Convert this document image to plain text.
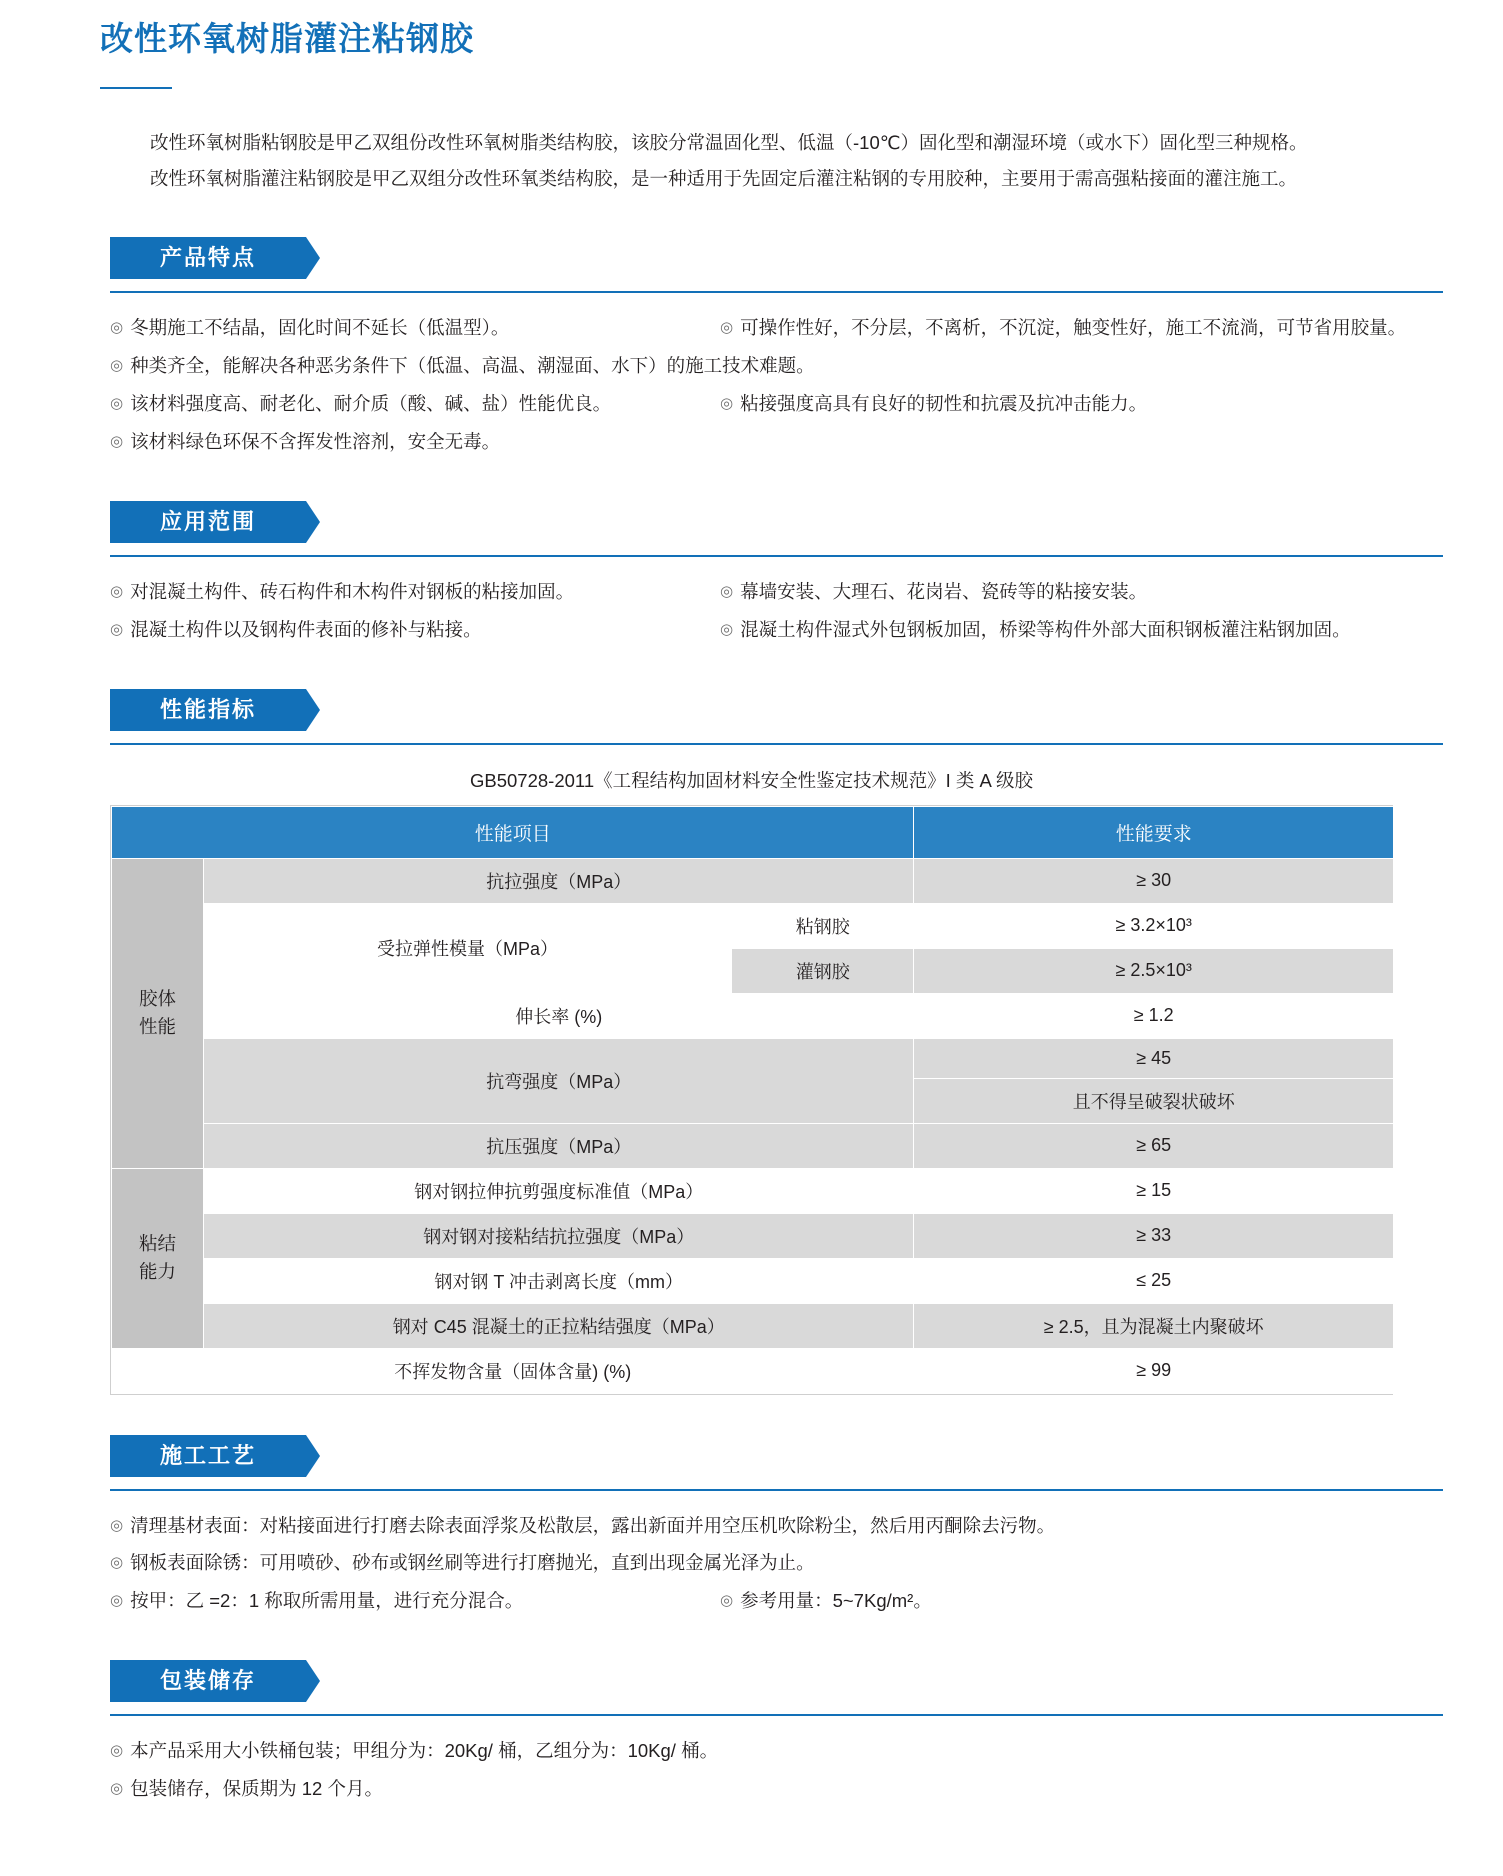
改性环氧树脂灌注粘钢胶

改性环氧树脂粘钢胶是甲乙双组份改性环氧树脂类结构胶，该胶分常温固化型、低温（-10℃）固化型和潮湿环境（或水下）固化型三种规格。

改性环氧树脂灌注粘钢胶是甲乙双组分改性环氧类结构胶，是一种适用于先固定后灌注粘钢的专用胶种，主要用于需高强粘接面的灌注施工。

产品特点
◎ 冬期施工不结晶，固化时间不延长（低温型）。	◎ 可操作性好，不分层，不离析，不沉淀，触变性好，施工不流淌，可节省用胶量。
◎ 种类齐全，能解决各种恶劣条件下（低温、高温、潮湿面、水下）的施工技术难题。
◎ 该材料强度高、耐老化、耐介质（酸、碱、盐）性能优良。	◎ 粘接强度高具有良好的韧性和抗震及抗冲击能力。
◎ 该材料绿色环保不含挥发性溶剂，安全无毒。
应用范围
◎ 对混凝土构件、砖石构件和木构件对钢板的粘接加固。	◎ 幕墙安装、大理石、花岗岩、瓷砖等的粘接安装。
◎ 混凝土构件以及钢构件表面的修补与粘接。	◎ 混凝土构件湿式外包钢板加固，桥梁等构件外部大面积钢板灌注粘钢加固。
性能指标
GB50728-2011《工程结构加固材料安全性鉴定技术规范》I 类 A 级胶
性能项目			性能要求
胶体
性能	抗拉强度（MPa）		≥ 30
	受拉弹性模量（MPa）	粘钢胶	≥ 3.2×10³
		灌钢胶	≥ 2.5×10³
	伸长率 (%)		≥ 1.2
	抗弯强度（MPa）		≥ 45
			且不得呈破裂状破坏
	抗压强度（MPa）		≥ 65
粘结
能力	钢对钢拉伸抗剪强度标准值（MPa）		≥ 15
	钢对钢对接粘结抗拉强度（MPa）		≥ 33
	钢对钢 T 冲击剥离长度（mm）		≤ 25
	钢对 C45 混凝土的正拉粘结强度（MPa）		≥ 2.5，且为混凝土内聚破坏
不挥发物含量（固体含量) (%)			≥ 99
施工工艺
◎ 清理基材表面：对粘接面进行打磨去除表面浮浆及松散层，露出新面并用空压机吹除粉尘，然后用丙酮除去污物。
◎ 钢板表面除锈：可用喷砂、砂布或钢丝刷等进行打磨抛光，直到出现金属光泽为止。
◎ 按甲：乙 =2：1 称取所需用量，进行充分混合。	◎ 参考用量：5~7Kg/m²。
包装储存
◎ 本产品采用大小铁桶包装；甲组分为：20Kg/ 桶，乙组分为：10Kg/ 桶。
◎ 包装储存，保质期为 12 个月。
